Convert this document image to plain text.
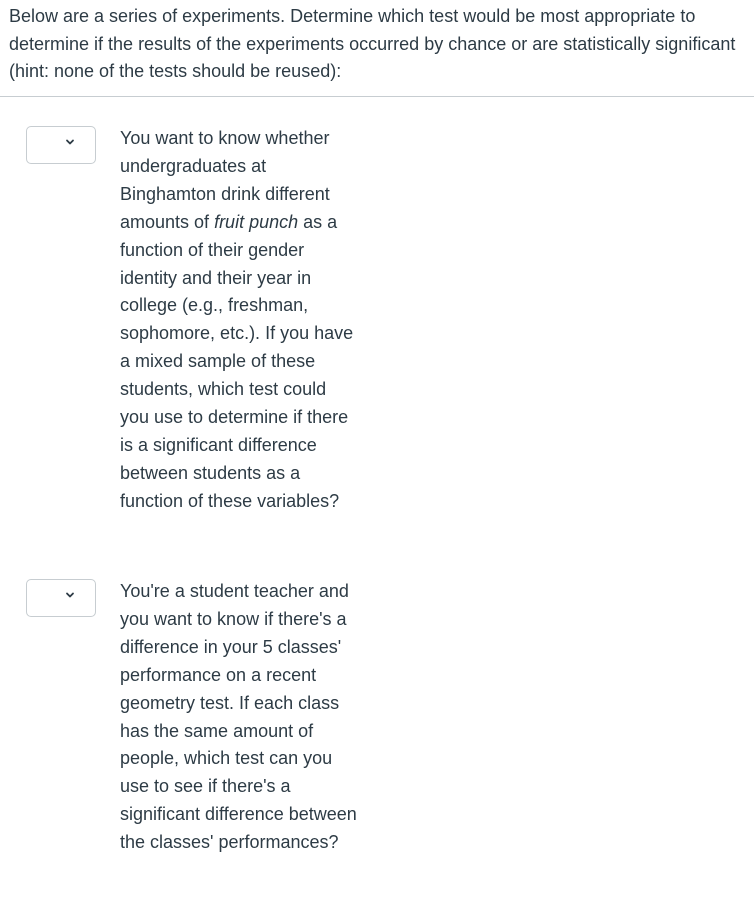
Below are a series of experiments. Determine which test would be most appropriate to determine if the results of the experiments occurred by chance or are statistically significant (hint: none of the tests should be reused):

You want to know whether undergraduates at Binghamton drink different amounts of fruit punch as a function of their gender identity and their year in college (e.g., freshman, sophomore, etc.). If you have a mixed sample of these students, which test could you use to determine if there is a significant difference between students as a function of these variables?

You're a student teacher and you want to know if there's a difference in your 5 classes' performance on a recent geometry test. If each class has the same amount of people, which test can you use to see if there's a significant difference between the classes' performances?
